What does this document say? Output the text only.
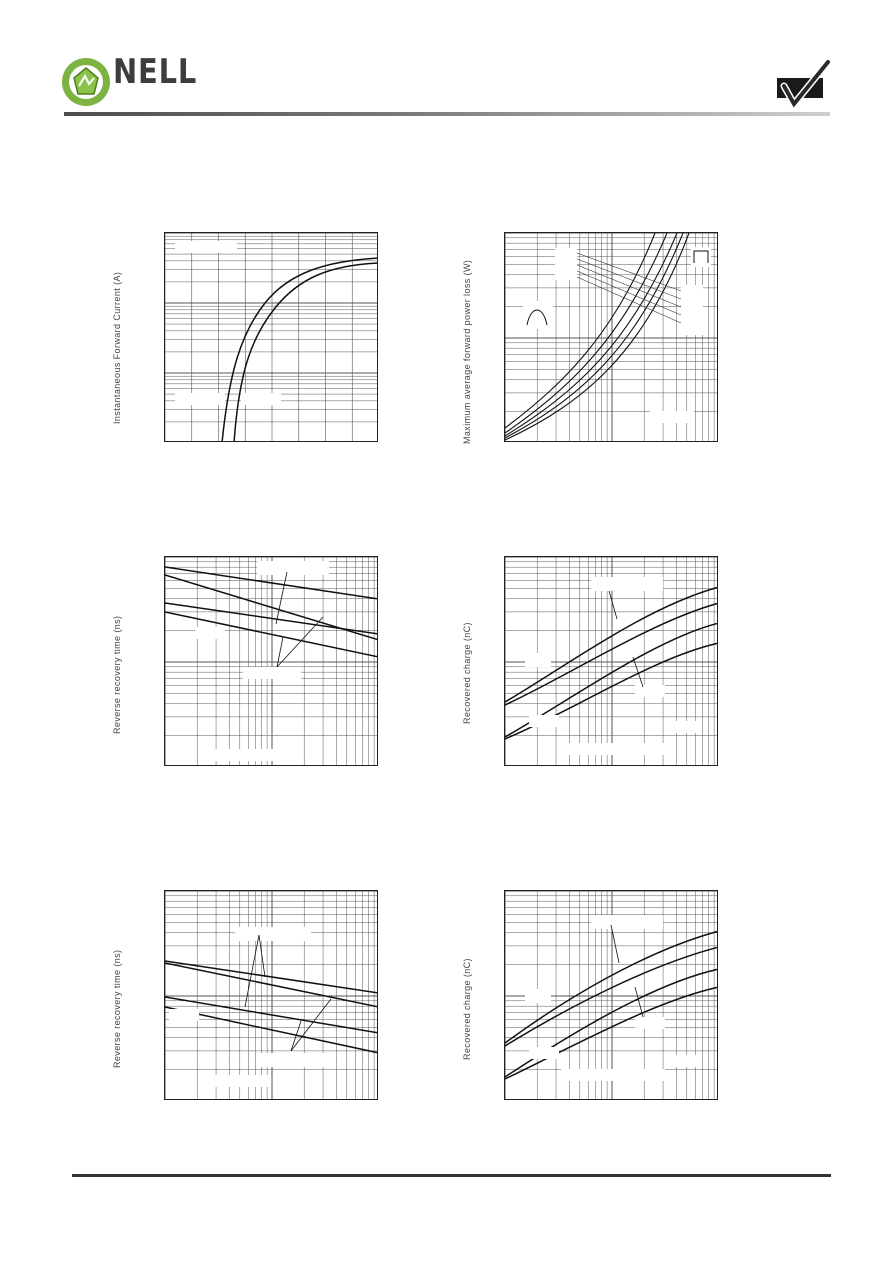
NELL
Instantaneous Forward Current (A)	Maximum average forward power loss (W)
Reverse recovery time (ns)	Recovered charge (nC)
Reverse recovery time (ns)	Recovered charge (nC)
